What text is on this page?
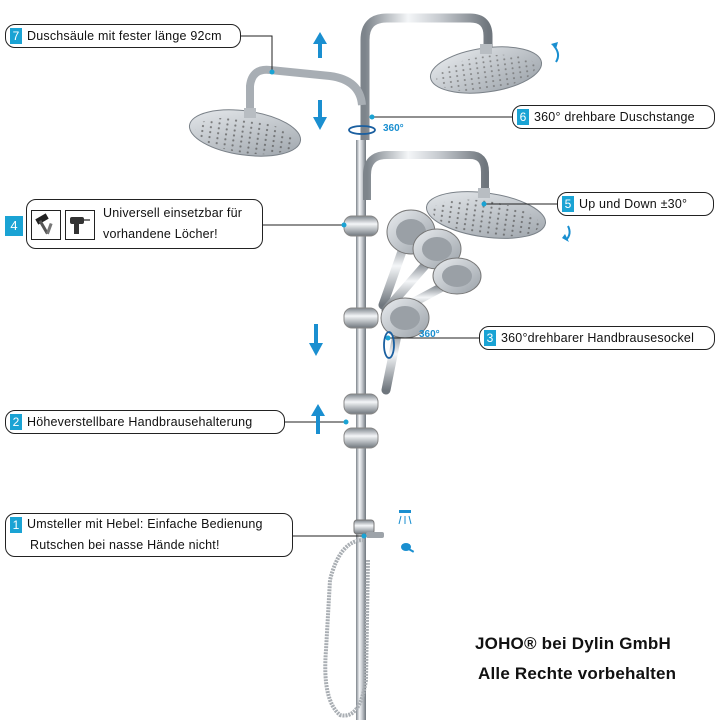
360°
360°
7 Duschsäule mit fester länge 92cm
6 360° drehbare Duschstange
5 Up und Down ±30°
4
Universell einsetzbar für
vorhandene Löcher!
3 360°drehbarer Handbrausesockel
2 Höheverstellbare Handbrausehalterung
1 Umsteller mit Hebel: Einfache Bedienung
Rutschen bei nasse Hände nicht!
JOHO® bei Dylin GmbH
Alle Rechte vorbehalten
